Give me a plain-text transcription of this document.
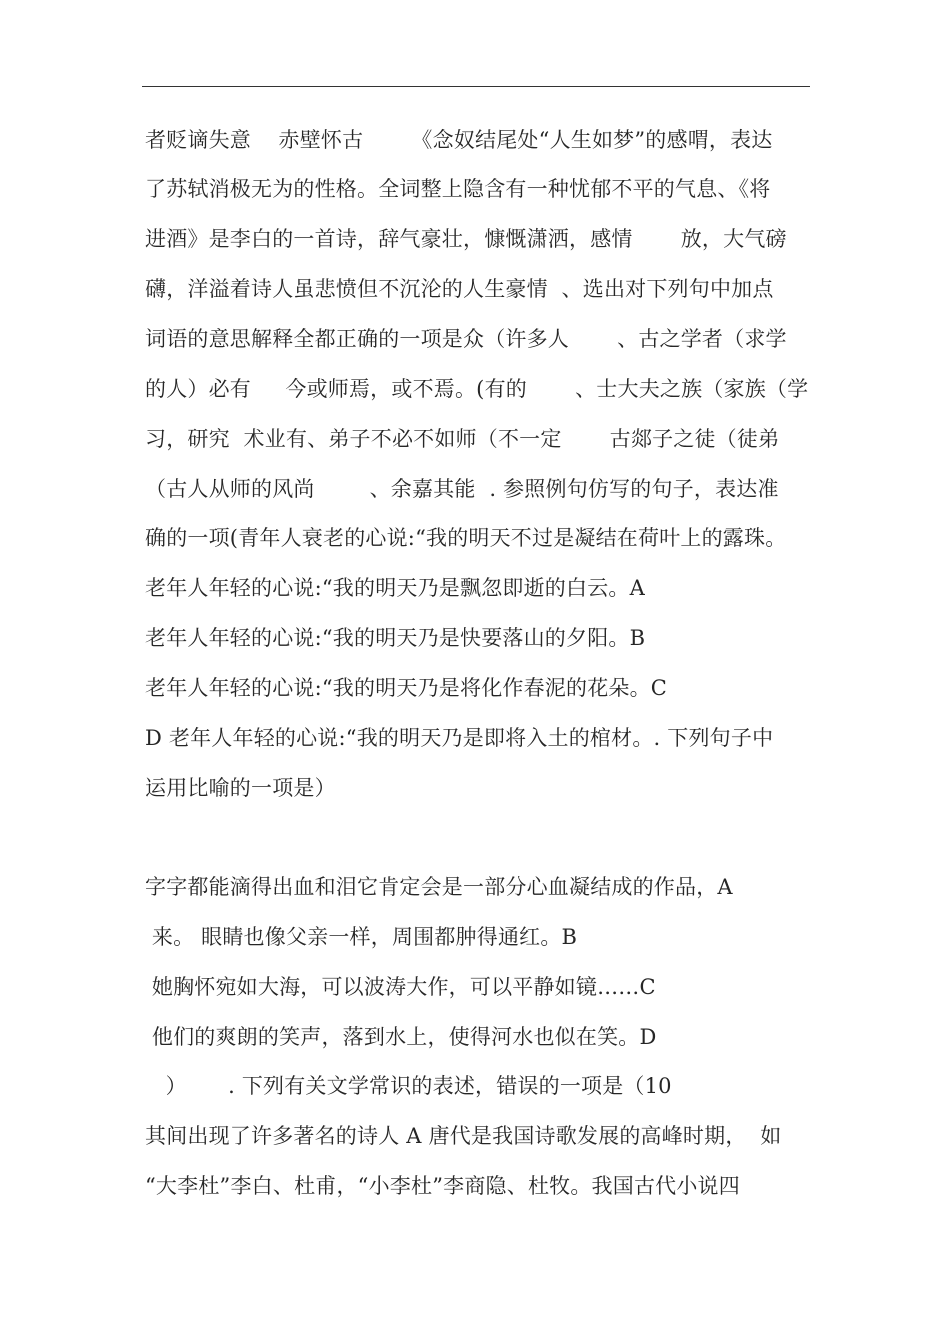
者贬谪失意    赤壁怀古       《念奴结尾处“人生如梦”的感喟，表达
了苏轼消极无为的性格。全词整上隐含有一种忧郁不平的气息、《将
进酒》是李白的一首诗，辞气豪壮，慷慨潇洒，感情       放，大气磅
礴，洋溢着诗人虽悲愤但不沉沦的人生豪情  、选出对下列句中加点
词语的意思解释全都正确的一项是众（许多人       、古之学者（求学
的人）必有     今或师焉，或不焉。(有的       、士大夫之族（家族（学
习，研究  术业有、弟子不必不如师（不一定       古郯子之徒（徒弟
（古人从师的风尚        、余嘉其能  . 参照例句仿写的句子，表达准
确的一项(青年人衰老的心说:“我的明天不过是凝结在荷叶上的露珠。
老年人年轻的心说:“我的明天乃是飘忽即逝的白云。A
老年人年轻的心说:“我的明天乃是快要落山的夕阳。B
老年人年轻的心说:“我的明天乃是将化作春泥的花朵。C
D 老年人年轻的心说:“我的明天乃是即将入土的棺材。. 下列句子中
运用比喻的一项是）
字字都能滴得出血和泪它肯定会是一部分心血凝结成的作品，A
来。 眼睛也像父亲一样，周围都肿得通红。B
她胸怀宛如大海，可以波涛大作，可以平静如镜……C
他们的爽朗的笑声，落到水上，使得河水也似在笑。D
）      . 下列有关文学常识的表述，错误的一项是（10
其间出现了许多著名的诗人 A 唐代是我国诗歌发展的高峰时期，  如
“大李杜”李白、杜甫，“小李杜”李商隐、杜牧。我国古代小说四
